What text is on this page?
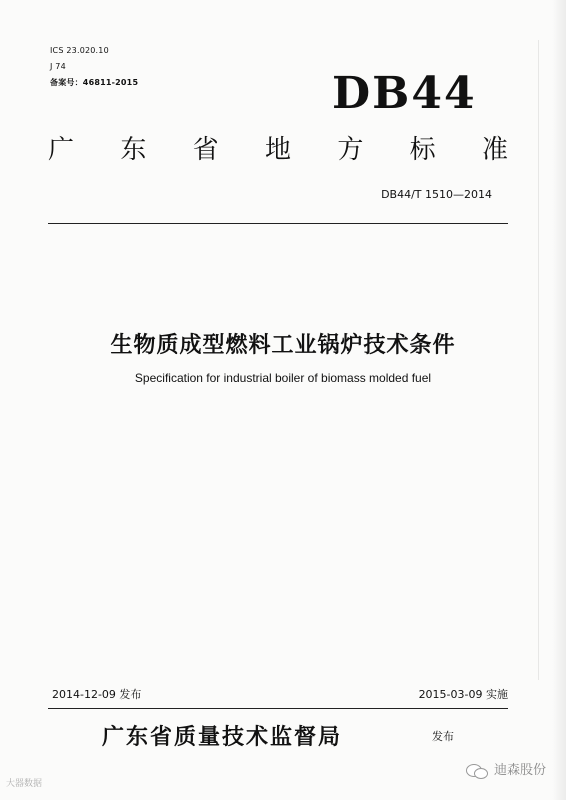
ICS 23.020.10
J 74
备案号：46811-2015	DB44
广 东 省 地 方 标 准
DB44/T 1510—2014
生物质成型燃料工业锅炉技术条件
Specification for industrial boiler of biomass molded fuel
2014-12-09 发布	2015-03-09 实施
广东省质量技术监督局	发布
大器数据
迪森股份
